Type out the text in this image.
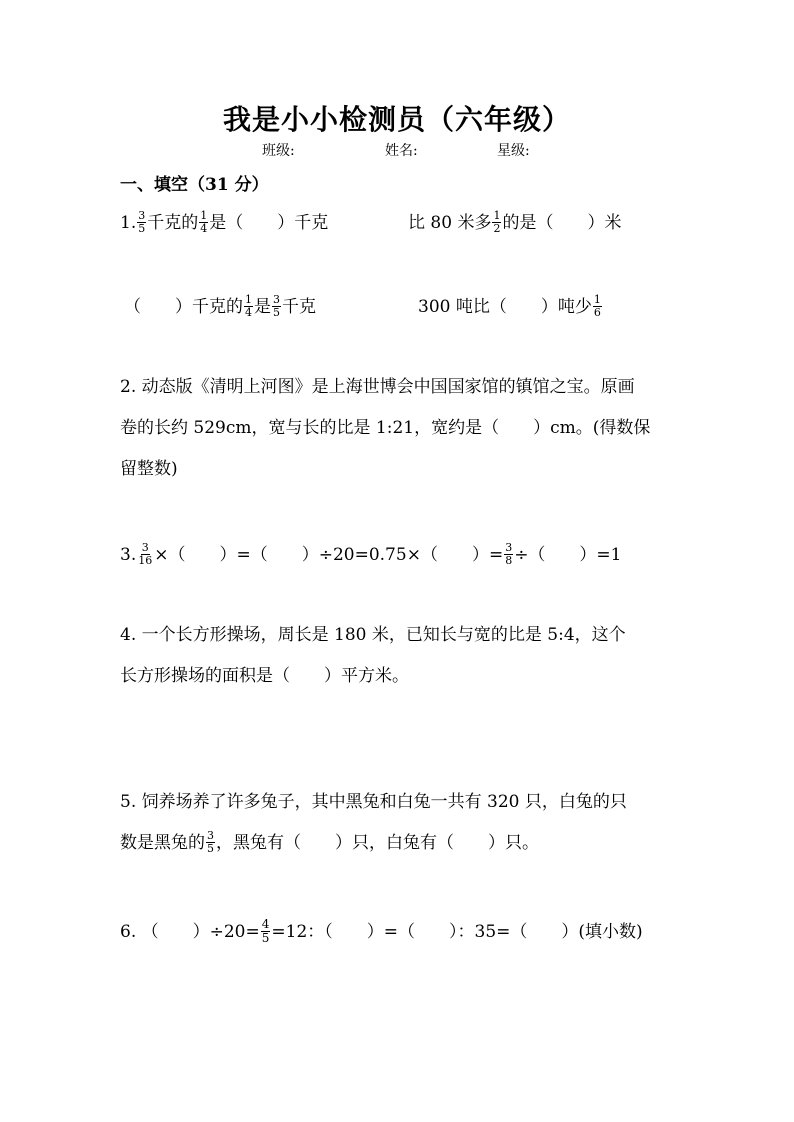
我是小小检测员（六年级）
班级:	姓名:	星级:
一、填空（31 分）
1. $\frac{3}{5}$ 千克的 $\frac{1}{4}$ 是（　　）千克	比 80 米多 $\frac{1}{2}$ 的是（　　）米
（　　）千克的 $\frac{1}{4}$ 是 $\frac{3}{5}$ 千克	300 吨比（　　）吨少 $\frac{1}{6}$
2. 动态版《清明上河图》是上海世博会中国国家馆的镇馆之宝。原画
卷的长约 529cm，宽与长的比是 1:21，宽约是（　　）cm。(得数保
留整数)
3. $\frac{3}{16}$ ×（　　）=（　　）÷20=0.75×（　　）= $\frac{3}{8}$ ÷（　　）=1
4. 一个长方形操场，周长是 180 米，已知长与宽的比是 5:4，这个
长方形操场的面积是（　　）平方米。
5. 饲养场养了许多兔子，其中黑兔和白兔一共有 320 只，白兔的只
数是黑兔的 $\frac{3}{5}$ ，黑兔有（　　）只，白兔有（　　）只。
6. （　　）$\div 20= \frac{4}{5} =12$：（　　）=（　　）：35=（　　）(填小数)
